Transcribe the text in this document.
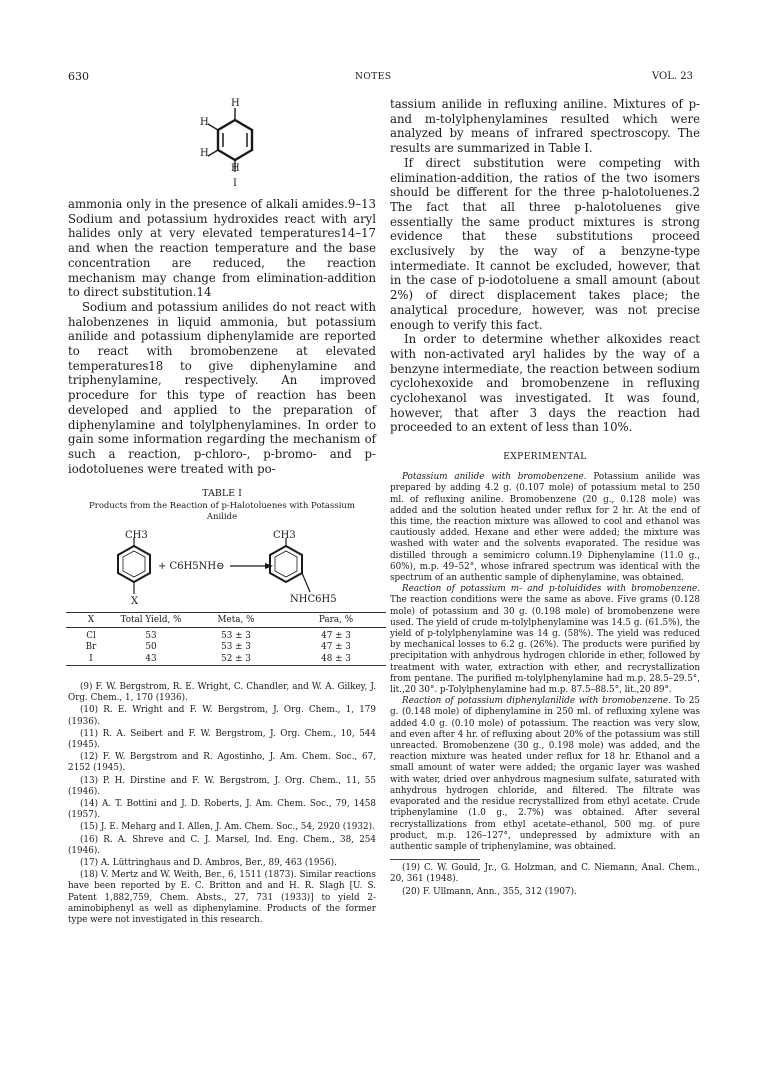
630	NOTES	VOL. 23
H
H
H
H
I

ammonia only in the presence of alkali amides.9–13 Sodium and potassium hydroxides react with aryl halides only at very elevated temperatures14–17 and when the reaction temperature and the base concentration are reduced, the reaction mechanism may change from elimination-addition to direct substitution.14

Sodium and potassium anilides do not react with halobenzenes in liquid ammonia, but potassium anilide and potassium diphenylamide are reported to react with bromobenzene at elevated temperatures18 to give diphenylamine and triphenylamine, respectively. An improved procedure for this type of reaction has been developed and applied to the preparation of diphenylamine and tolylphenylamines. In order to gain some information regarding the mechanism of such a reaction, p-chloro-, p-bromo- and p-iodotoluenes were treated with po-

TABLE I
Products from the Reaction of p-Halotoluenes with Potassium Anilide
CH3	CH3
+ C6H5NH⊖
X	NHC6H5

X	Total Yield, %	Meta, %	Para, %

Cl	53	53 ± 3	47 ± 3
Br	50	53 ± 3	47 ± 3
I	43	52 ± 3	48 ± 3

(9) F. W. Bergstrom, R. E. Wright, C. Chandler, and W. A. Gilkey, J. Org. Chem., 1, 170 (1936).

(10) R. E. Wright and F. W. Bergstrom, J. Org. Chem., 1, 179 (1936).

(11) R. A. Seibert and F. W. Bergstrom, J. Org. Chem., 10, 544 (1945).

(12) F. W. Bergstrom and R. Agostinho, J. Am. Chem. Soc., 67, 2152 (1945).

(13) P. H. Dirstine and F. W. Bergstrom, J. Org. Chem., 11, 55 (1946).

(14) A. T. Bottini and J. D. Roberts, J. Am. Chem. Soc., 79, 1458 (1957).

(15) J. E. Meharg and I. Allen, J. Am. Chem. Soc., 54, 2920 (1932).

(16) R. A. Shreve and C. J. Marsel, Ind. Eng. Chem., 38, 254 (1946).

(17) A. Lüttringhaus and D. Ambros, Ber., 89, 463 (1956).

(18) V. Mertz and W. Weith, Ber., 6, 1511 (1873). Similar reactions have been reported by E. C. Britton and and H. R. Slagh [U. S. Patent 1,882,759, Chem. Absts., 27, 731 (1933)] to yield 2-aminobiphenyl as well as diphenylamine. Products of the former type were not investigated in this research.

tassium anilide in refluxing aniline. Mixtures of p- and m-tolylphenylamines resulted which were analyzed by means of infrared spectroscopy. The results are summarized in Table I.

If direct substitution were competing with elimination-addition, the ratios of the two isomers should be different for the three p-halotoluenes.2 The fact that all three p-halotoluenes give essentially the same product mixtures is strong evidence that these substitutions proceed exclusively by the way of a benzyne-type intermediate. It cannot be excluded, however, that in the case of p-iodotoluene a small amount (about 2%) of direct displacement takes place; the analytical procedure, however, was not precise enough to verify this fact.

In order to determine whether alkoxides react with non-activated aryl halides by the way of a benzyne intermediate, the reaction between sodium cyclohexoxide and bromobenzene in refluxing cyclohexanol was investigated. It was found, however, that after 3 days the reaction had proceeded to an extent of less than 10%.

EXPERIMENTAL

Potassium anilide with bromobenzene. Potassium anilide was prepared by adding 4.2 g. (0.107 mole) of potassium metal to 250 ml. of refluxing aniline. Bromobenzene (20 g., 0.128 mole) was added and the solution heated under reflux for 2 hr. At the end of this time, the reaction mixture was allowed to cool and ethanol was cautiously added. Hexane and ether were added; the mixture was washed with water and the solvents evaporated. The residue was distilled through a semimicro column.19 Diphenylamine (11.0 g., 60%), m.p. 49–52°, whose infrared spectrum was identical with the spectrum of an authentic sample of diphenylamine, was obtained.

Reaction of potassium m- and p-toluidides with bromobenzene. The reaction conditions were the same as above. Five grams (0.128 mole) of potassium and 30 g. (0.198 mole) of bromobenzene were used. The yield of crude m-tolylphenylamine was 14.5 g. (61.5%), the yield of p-tolylphenylamine was 14 g. (58%). The yield was reduced by mechanical losses to 6.2 g. (26%). The products were purified by precipitation with anhydrous hydrogen chloride in ether, followed by treatment with water, extraction with ether, and recrystallization from pentane. The purified m-tolylphenylamine had m.p. 28.5–29.5°, lit.,20 30°. p-Tolylphenylamine had m.p. 87.5–88.5°, lit.,20 89°.

Reaction of potassium diphenylanilide with bromobenzene. To 25 g. (0.148 mole) of diphenylamine in 250 ml. of refluxing xylene was added 4.0 g. (0.10 mole) of potassium. The reaction was very slow, and even after 4 hr. of refluxing about 20% of the potassium was still unreacted. Bromobenzene (30 g., 0.198 mole) was added, and the reaction mixture was heated under reflux for 18 hr. Ethanol and a small amount of water were added; the organic layer was washed with water, dried over anhydrous magnesium sulfate, saturated with anhydrous hydrogen chloride, and filtered. The filtrate was evaporated and the residue recrystallized from ethyl acetate. Crude triphenylamine (1.0 g., 2.7%) was obtained. After several recrystallizations from ethyl acetate–ethanol, 500 mg. of pure product, m.p. 126–127°, undepressed by admixture with an authentic sample of triphenylamine, was obtained.

(19) C. W. Gould, Jr., G. Holzman, and C. Niemann, Anal. Chem., 20, 361 (1948).

(20) F. Ullmann, Ann., 355, 312 (1907).
